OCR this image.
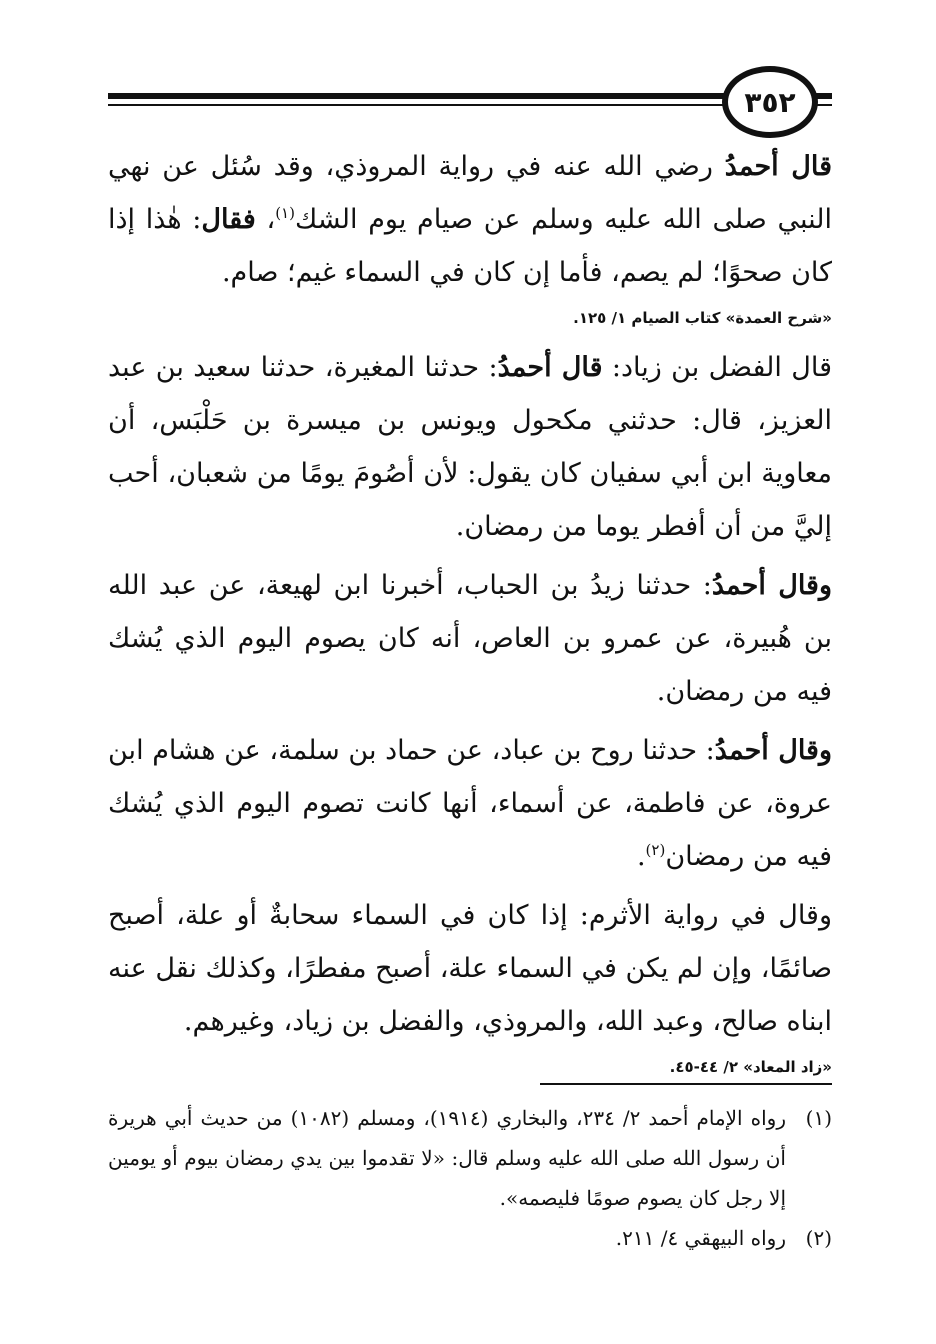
٣٥٢

قال أحمدُ رضي الله عنه في رواية المروذي، وقد سُئل عن نهي النبي صلى الله عليه وسلم عن صيام يوم الشك$^{(١)}$، فقال: هٰذا إذا كان صحوًا؛ لم يصم، فأما إن كان في السماء غيم؛ صام.

«شرح العمدة» كتاب الصيام ١/ ١٢٥.

قال الفضل بن زياد: قال أحمدُ: حدثنا المغيرة، حدثنا سعيد بن عبد العزيز، قال: حدثني مكحول ويونس بن ميسرة بن حَلْبَس، أن معاوية ابن أبي سفيان كان يقول: لأن أصُومَ يومًا من شعبان، أحب إليَّ من أن أفطر يوما من رمضان.

وقال أحمدُ: حدثنا زيدُ بن الحباب، أخبرنا ابن لهيعة، عن عبد الله بن هُبيرة، عن عمرو بن العاص، أنه كان يصوم اليوم الذي يُشك فيه من رمضان.

وقال أحمدُ: حدثنا روح بن عباد، عن حماد بن سلمة، عن هشام ابن عروة، عن فاطمة، عن أسماء، أنها كانت تصوم اليوم الذي يُشك فيه من رمضان$^{(٢)}$.

وقال في رواية الأثرم: إذا كان في السماء سحابةٌ أو علة، أصبح صائمًا، وإن لم يكن في السماء علة، أصبح مفطرًا، وكذلك نقل عنه ابناه صالح، وعبد الله، والمروذي، والفضل بن زياد، وغيرهم.

«زاد المعاد» ٢/ ٤٤-٤٥.
(١)
رواه الإمام أحمد ٢/ ٢٣٤، والبخاري (١٩١٤)، ومسلم (١٠٨٢) من حديث أبي هريرة أن رسول الله صلى الله عليه وسلم قال: «لا تقدموا بين يدي رمضان بيوم أو يومين إلا رجل كان يصوم صومًا فليصمه».
(٢)
رواه البيهقي ٤/ ٢١١.
